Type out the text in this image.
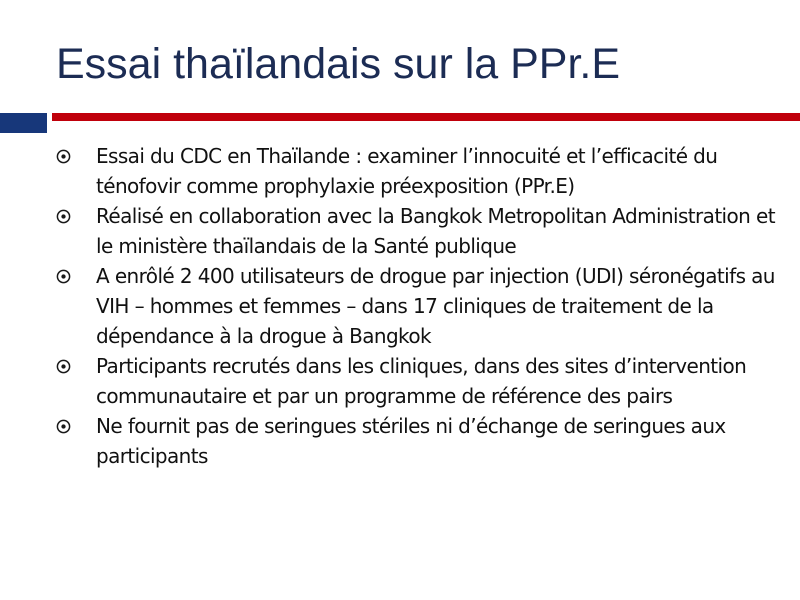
Essai thaïlandais sur la PPr.E
Essai du CDC en Thaïlande : examiner l’innocuité et l’efficacité du ténofovir comme prophylaxie préexposition (PPr.E)
Réalisé en collaboration avec la Bangkok Metropolitan Administration et le ministère thaïlandais de la Santé publique
A enrôlé 2 400 utilisateurs de drogue par injection (UDI) séronégatifs au VIH – hommes et femmes – dans 17 cliniques de traitement de la dépendance à la drogue à Bangkok
Participants recrutés dans les cliniques, dans des sites d’intervention communautaire et par un programme de référence des pairs
Ne fournit pas de seringues stériles ni d’échange de seringues aux participants
